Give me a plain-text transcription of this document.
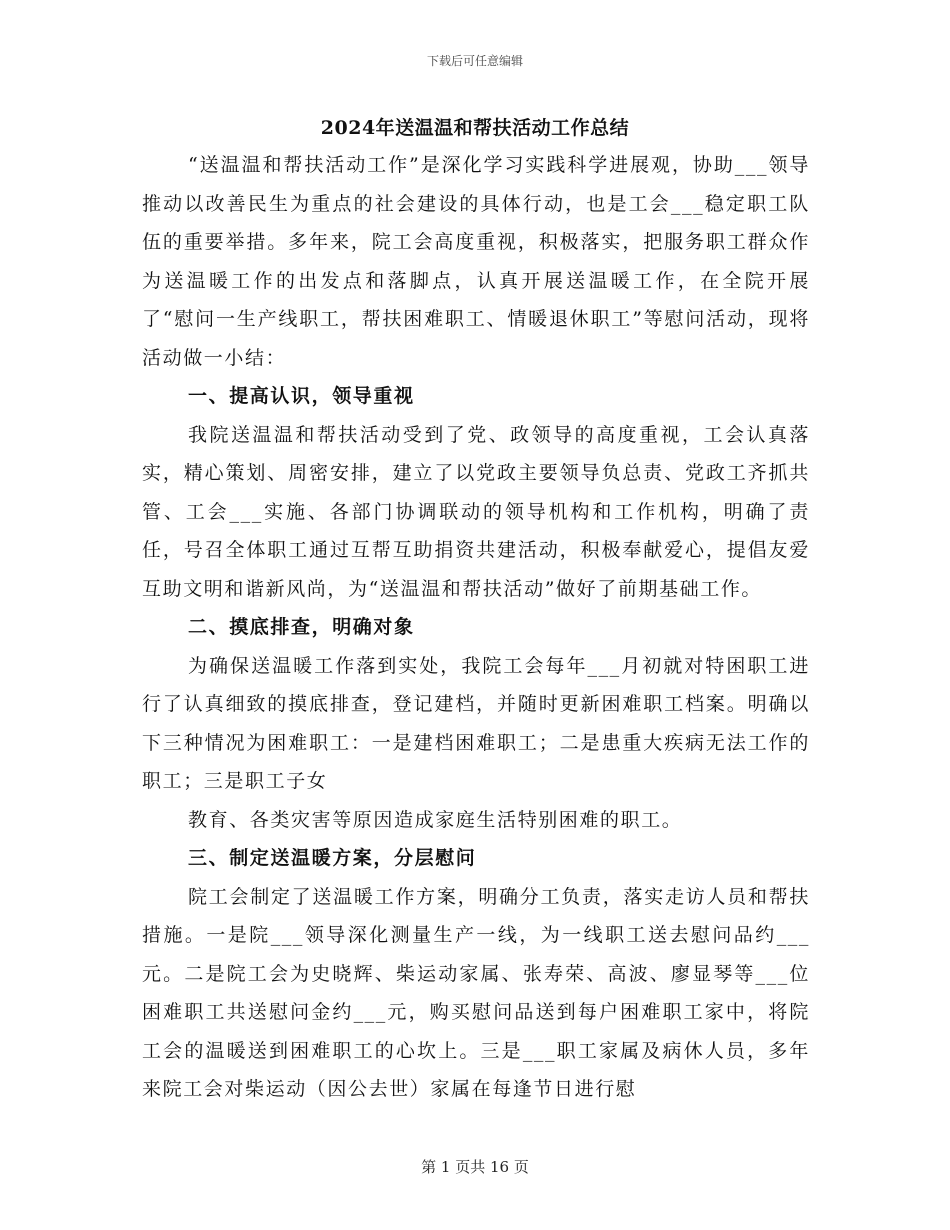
下载后可任意编辑
2024年送温温和帮扶活动工作总结

“送温温和帮扶活动工作”是深化学习实践科学进展观，协助___领导推动以改善民生为重点的社会建设的具体行动，也是工会___稳定职工队伍的重要举措。多年来，院工会高度重视，积极落实，把服务职工群众作为送温暖工作的出发点和落脚点，认真开展送温暖工作，在全院开展了“慰问一生产线职工，帮扶困难职工、情暖退休职工”等慰问活动，现将活动做一小结：

一、提高认识，领导重视

我院送温温和帮扶活动受到了党、政领导的高度重视，工会认真落实，精心策划、周密安排，建立了以党政主要领导负总责、党政工齐抓共管、工会___实施、各部门协调联动的领导机构和工作机构，明确了责任，号召全体职工通过互帮互助捐资共建活动，积极奉献爱心，提倡友爱互助文明和谐新风尚，为“送温温和帮扶活动”做好了前期基础工作。

二、摸底排查，明确对象

为确保送温暖工作落到实处，我院工会每年___月初就对特困职工进行了认真细致的摸底排查，登记建档，并随时更新困难职工档案。明确以下三种情况为困难职工：一是建档困难职工；二是患重大疾病无法工作的职工；三是职工子女

教育、各类灾害等原因造成家庭生活特别困难的职工。

三、制定送温暖方案，分层慰问

院工会制定了送温暖工作方案，明确分工负责，落实走访人员和帮扶措施。一是院___领导深化测量生产一线，为一线职工送去慰问品约___元。二是院工会为史晓辉、柴运动家属、张寿荣、高波、廖显琴等___位困难职工共送慰问金约___元，购买慰问品送到每户困难职工家中，将院工会的温暖送到困难职工的心坎上。三是___职工家属及病休人员，多年来院工会对柴运动（因公去世）家属在每逢节日进行慰

第 1 页共 16 页
